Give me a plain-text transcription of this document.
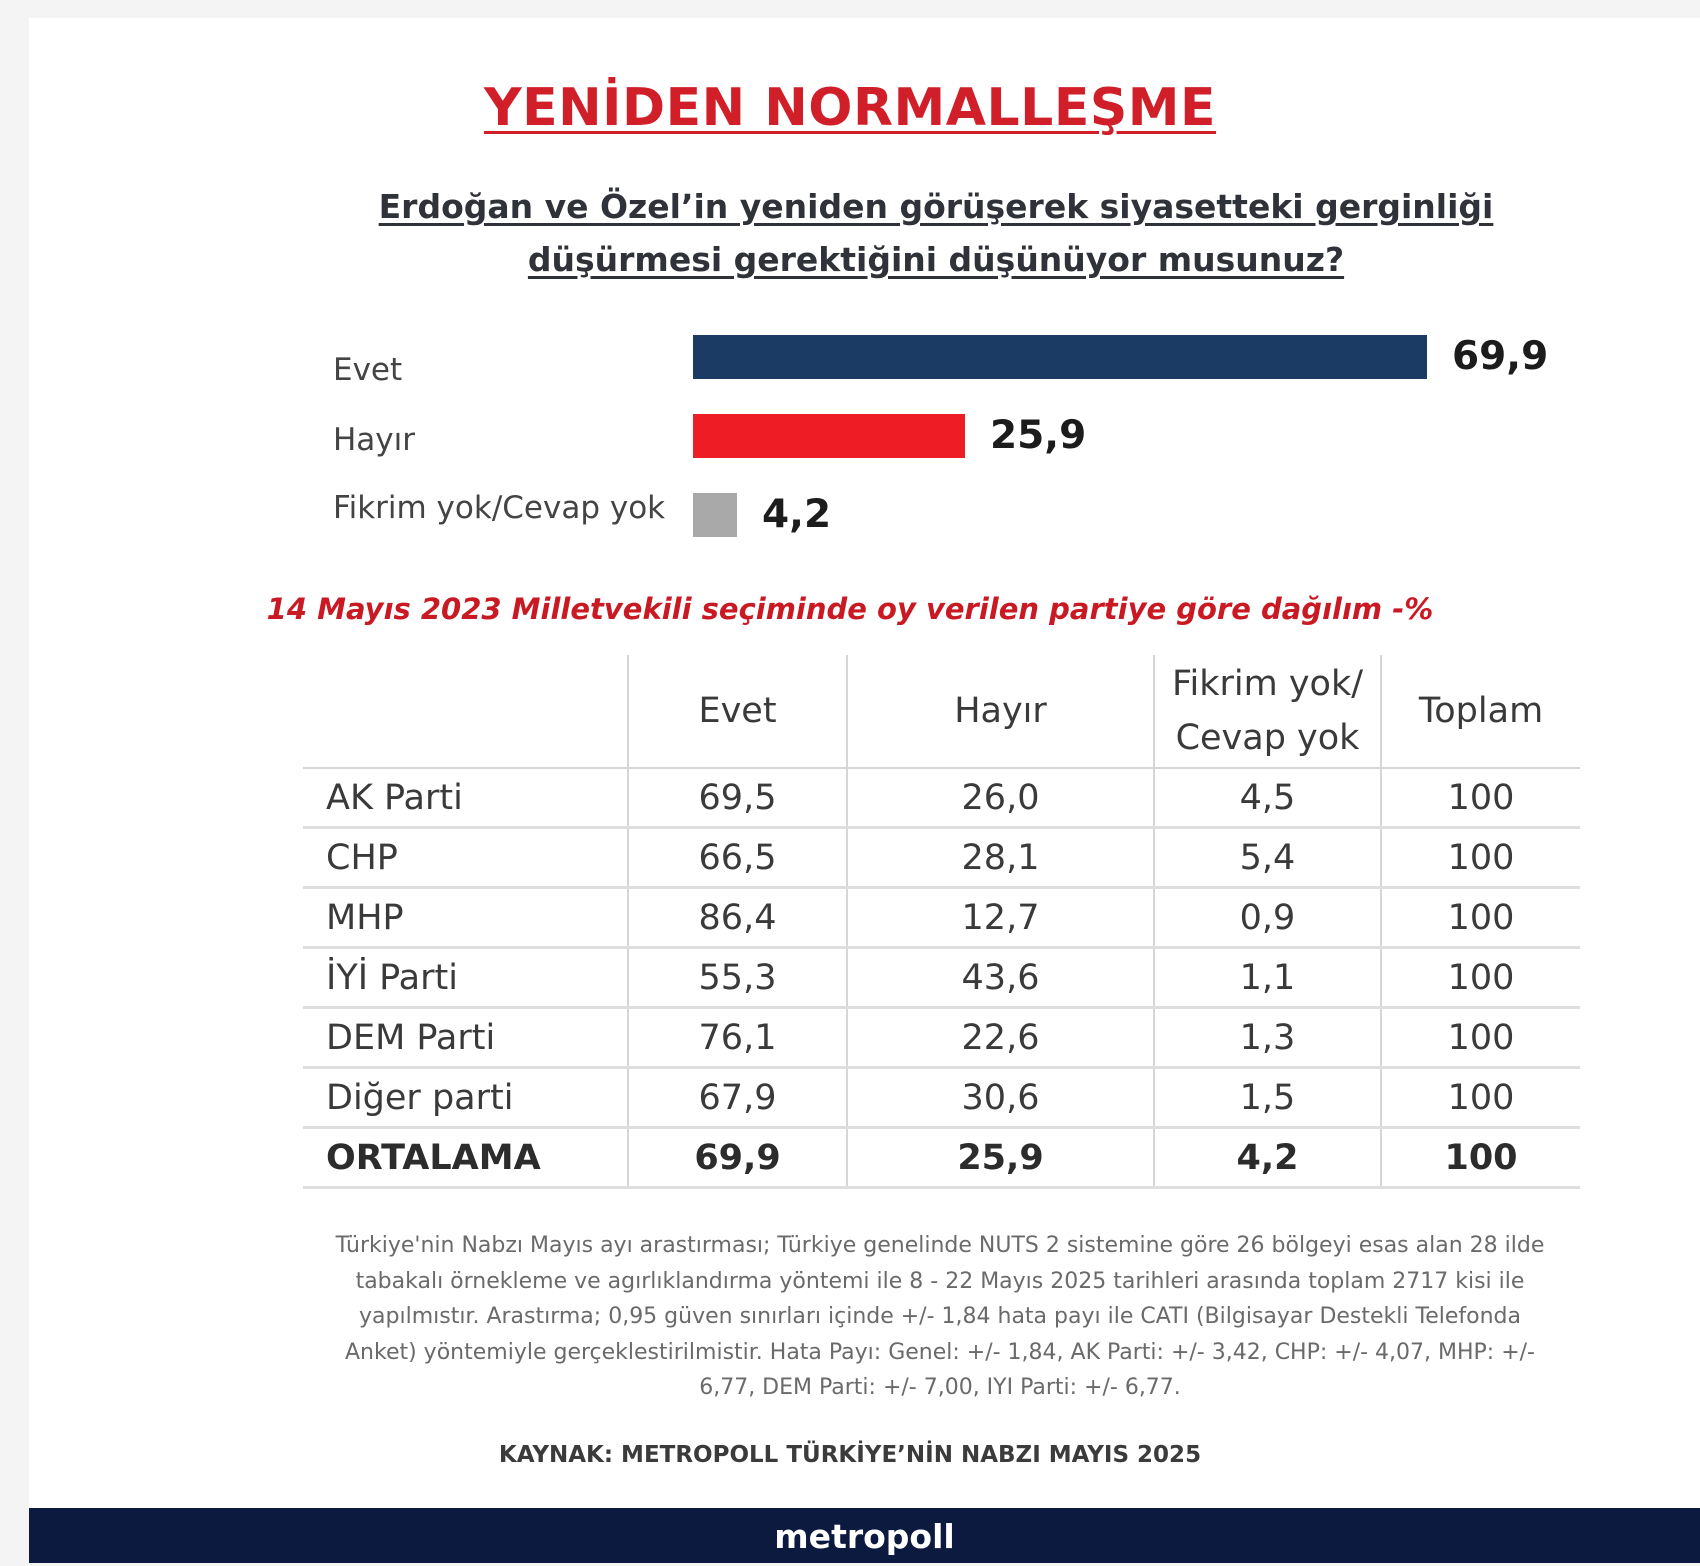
YENİDEN NORMALLEŞME
Erdoğan ve Özel’in yeniden görüşerek siyasetteki gerginliği düşürmesi gerektiğini düşünüyor musunuz?
Evet	69,9
Hayır	25,9
Fikrim yok/Cevap yok 4,2
14 Mayıs 2023 Milletvekili seçiminde oy verilen partiye göre dağılım -%
	Evet	Hayır	Fikrim yok/ Cevap yok	Toplam
AK Parti	69,5	26,0	4,5	100
CHP	66,5	28,1	5,4	100
MHP	86,4	12,7	0,9	100
İYİ Parti	55,3	43,6	1,1	100
DEM Parti	76,1	22,6	1,3	100
Diğer parti	67,9	30,6	1,5	100
ORTALAMA	69,9	25,9	4,2	100
Türkiye'nin Nabzı Mayıs ayı arastırması; Türkiye genelinde NUTS 2 sistemine göre 26 bölgeyi esas alan 28 ilde tabakalı örnekleme ve agırlıklandırma yöntemi ile 8 - 22 Mayıs 2025 tarihleri arasında toplam 2717 kisi ile yapılmıstır. Arastırma; 0,95 güven sınırları içinde +/- 1,84 hata payı ile CATI (Bilgisayar Destekli Telefonda Anket) yöntemiyle gerçeklestirilmistir. Hata Payı: Genel: +/- 1,84, AK Parti: +/- 3,42, CHP: +/- 4,07, MHP: +/- 6,77, DEM Parti: +/- 7,00, IYI Parti: +/- 6,77.
KAYNAK: METROPOLL TÜRKİYE’NİN NABZI MAYIS 2025
metropoll
